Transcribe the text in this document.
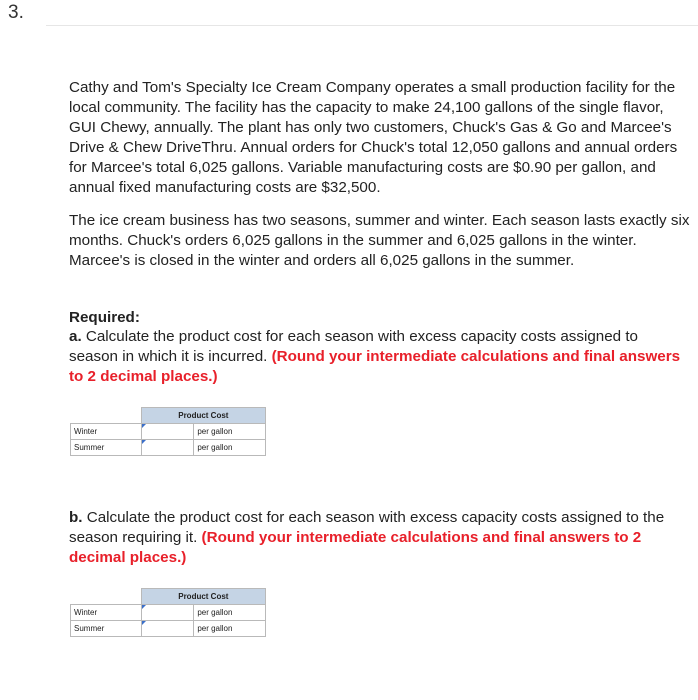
3.

Cathy and Tom's Specialty Ice Cream Company operates a small production facility for the local community. The facility has the capacity to make 24,100 gallons of the single flavor, GUI Chewy, annually. The plant has only two customers, Chuck's Gas & Go and Marcee's Drive & Chew DriveThru. Annual orders for Chuck's total 12,050 gallons and annual orders for Marcee's total 6,025 gallons. Variable manufacturing costs are $0.90 per gallon, and annual fixed manufacturing costs are $32,500.

The ice cream business has two seasons, summer and winter. Each season lasts exactly six months. Chuck's orders 6,025 gallons in the summer and 6,025 gallons in the winter. Marcee's is closed in the winter and orders all 6,025 gallons in the summer.

Required:

a. Calculate the product cost for each season with excess capacity costs assigned to season in which it is incurred. (Round your intermediate calculations and final answers to 2 decimal places.)

	Product Cost	
Winter		per gallon
Summer		per gallon

b. Calculate the product cost for each season with excess capacity costs assigned to the season requiring it. (Round your intermediate calculations and final answers to 2 decimal places.)

	Product Cost	
Winter		per gallon
Summer		per gallon
